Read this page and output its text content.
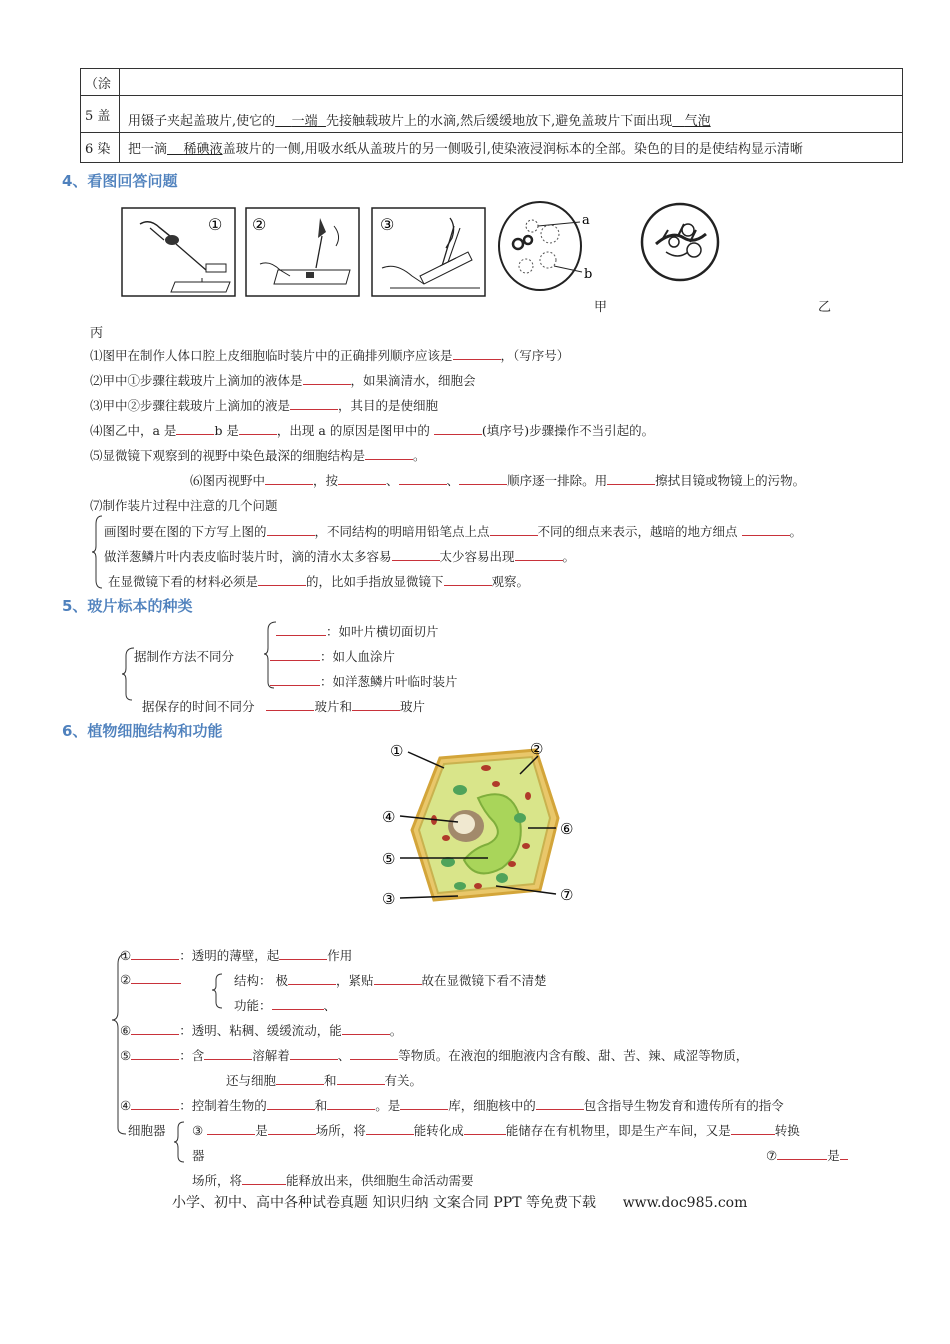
（涂	
5 盖	用镊子夹起盖玻片,使它的 一端 先接触载玻片上的水滴,然后缓缓地放下,避免盖玻片下面出现 气泡
6 染	把一滴 稀碘液盖玻片的一侧,用吸水纸从盖玻片的另一侧吸引,使染液浸润标本的全部。染色的目的是使结构显示清晰
4、看图回答问题
① ②	③	a
b
甲	乙
丙
⑴图甲在制作人体口腔上皮细胞临时装片中的正确排列顺序应该是	，（写序号）
⑵甲中①步骤往载玻片上滴加的液体是	，如果滴清水，细胞会
⑶甲中②步骤往载玻片上滴加的液是	，其目的是使细胞
⑷图乙中，a 是	b 是	，出现 a 的原因是图甲中的	(填序号)步骤操作不当引起的。
⑸显微镜下观察到的视野中染色最深的细胞结构是	。
⑹图丙视野中	，按	、	、	顺序逐一排除。用	擦拭目镜或物镜上的污物。
⑺制作装片过程中注意的几个问题
画图时要在图的下方写上图的	，不同结构的明暗用铅笔点上点	不同的细点来表示，越暗的地方细点	。
做洋葱鳞片叶内表皮临时装片时，滴的清水太多容易	太少容易出现	。
在显微镜下看的材料必须是	的，比如手指放显微镜下	观察。
5、玻片标本的种类
：如叶片横切面切片
据制作方法不同分	：如人血涂片
：如洋葱鳞片叶临时装片
据保存的时间不同分	玻片和	玻片
6、植物细胞结构和功能
①	②
④
⑤
③
⑥
⑦
①	：透明的薄壁，起	作用
②	结构： 极	，紧贴	故在显微镜下看不清楚
功能：	、
⑥	：透明、粘稠、缓缓流动，能	。
⑤	：含	溶解着	、	等物质。在液泡的细胞液内含有酸、甜、苦、辣、咸涩等物质，
还与细胞	和	有关。
④	：控制着生物的	和	。是	库，细胞核中的	包含指导生物发育和遗传所有的指令
细胞器 ③	是	场所，将	能转化成	能储存在有机物里，即是生产车间，又是	转换
器	⑦	是
场所，将	能释放出来，供细胞生命活动需要
小学、初中、高中各种试卷真题 知识归纳 文案合同 PPT 等免费下载 www.doc985.com
